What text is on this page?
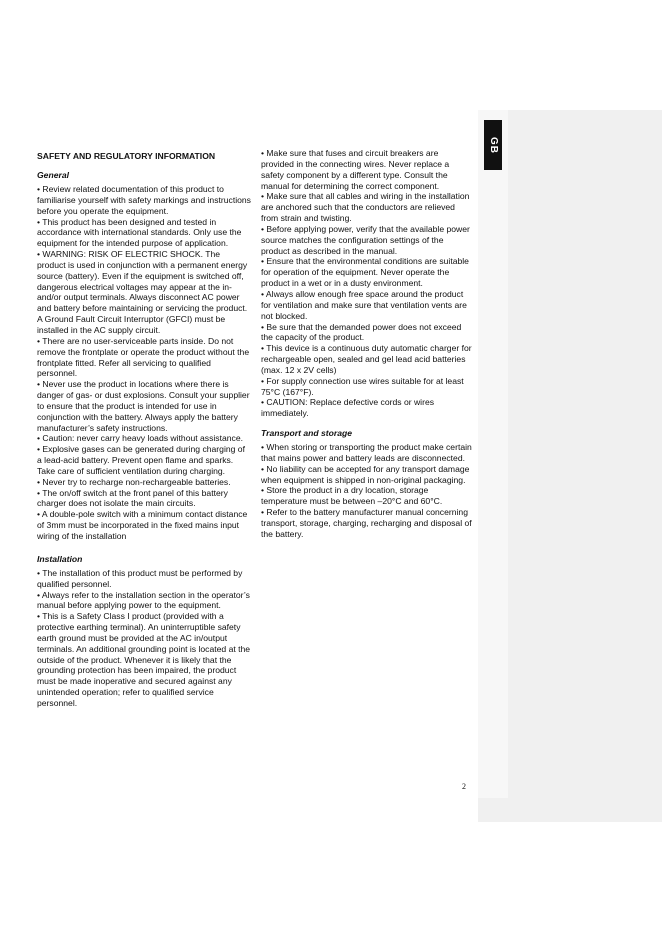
GB
SAFETY AND REGULATORY INFORMATION
General

• Review related documentation of this product to familiarise yourself with safety markings and instructions before you operate the equipment.

• This product has been designed and tested in accordance with international standards. Only use the equipment for the intended purpose of application.

• WARNING: RISK OF ELECTRIC SHOCK. The product is used in conjunction with a permanent energy source (battery). Even if the equipment is switched off, dangerous electrical voltages may appear at the in- and/or output terminals. Always disconnect AC power and battery before maintaining or servicing the product.

A Ground Fault Circuit Interruptor (GFCI) must be installed in the AC supply circuit.

• There are no user-serviceable parts inside. Do not remove the frontplate or operate the product without the frontplate fitted. Refer all servicing to qualified personnel.

• Never use the product in locations where there is danger of gas- or dust explosions. Consult your supplier to ensure that the product is intended for use in conjunction with the battery. Always apply the battery manufacturer’s safety instructions.

• Caution: never carry heavy loads without assistance.

• Explosive gases can be generated during charging of a lead-acid battery. Prevent open flame and sparks. Take care of sufficient ventilation during charging.

• Never try to recharge non-rechargeable batteries.

• The on/off switch at the front panel of this battery charger does not isolate the main circuits.

• A double-pole switch with a minimum contact distance of 3mm must be incorporated in the fixed mains input wiring of the installation

Installation

• The installation of this product must be performed by qualified personnel.

• Always refer to the installation section in the operator’s manual before applying power to the equipment.

• This is a Safety Class I product (provided with a protective earthing terminal). An uninterruptible safety earth ground must be provided at the AC in/output terminals. An additional grounding point is located at the outside of the product. Whenever it is likely that the grounding protection has been impaired, the product must be made inoperative and secured against any unintended operation; refer to qualified service personnel.

• Make sure that fuses and circuit breakers are provided in the connecting wires. Never replace a safety component by a different type. Consult the manual for determining the correct component.

• Make sure that all cables and wiring in the installation are anchored such that the conductors are relieved from strain and twisting.

• Before applying power, verify that the available power source matches the configuration settings of the product as described in the manual.

• Ensure that the environmental conditions are suitable for operation of the equipment. Never operate the product in a wet or in a dusty environment.

• Always allow enough free space around the product for ventilation and make sure that ventilation vents are not blocked.

• Be sure that the demanded power does not exceed the capacity of the product.

• This device is a continuous duty automatic charger for rechargeable open, sealed and gel lead acid batteries (max. 12 x 2V cells)

• For supply connection use wires suitable for at least 75°C (167°F).

• CAUTION: Replace defective cords or wires immediately.

Transport and storage

• When storing or transporting the product make certain that mains power and battery leads are disconnected.

• No liability can be accepted for any transport damage when equipment is shipped in non-original packaging.

• Store the product in a dry location, storage temperature must be between –20°C and 60°C.

• Refer to the battery manufacturer manual concerning transport, storage, charging, recharging and disposal of the battery.

2
